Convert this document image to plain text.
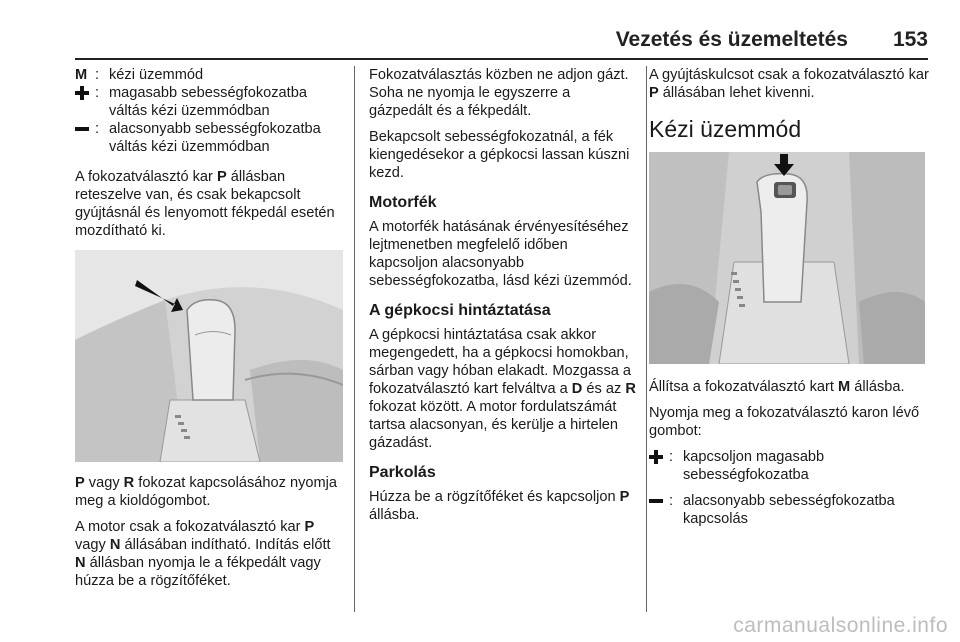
Vezetés és üzemeltetés 153
M : kézi üzemmód
: magasabb sebességfokozatba váltás kézi üzemmódban
: alacsonyabb sebességfokozatba váltás kézi üzemmódban

A fokozatválasztó kar P állásban reteszelve van, és csak bekapcsolt gyújtásnál és lenyomott fékpedál esetén mozdítható ki.

P vagy R fokozat kapcsolásához nyomja meg a kioldógombot.

A motor csak a fokozatválasztó kar P vagy N állásában indítható. Indítás előtt N állásban nyomja le a fékpedált vagy húzza be a rögzítőféket.

Fokozatválasztás közben ne adjon gázt. Soha ne nyomja le egyszerre a gázpedált és a fékpedált.

Bekapcsolt sebességfokozatnál, a fék kiengedésekor a gépkocsi lassan kúszni kezd.

Motorfék

A motorfék hatásának érvényesítéséhez lejtmenetben megfelelő időben kapcsoljon alacsonyabb sebességfokozatba, lásd kézi üzemmód.

A gépkocsi hintáztatása

A gépkocsi hintáztatása csak akkor megengedett, ha a gépkocsi homokban, sárban vagy hóban elakadt. Mozgassa a fokozatválasztó kart felváltva a D és az R fokozat között. A motor fordulatszámát tartsa alacsonyan, és kerülje a hirtelen gázadást.

Parkolás

Húzza be a rögzítőféket és kapcsoljon P állásba.

A gyújtáskulcsot csak a fokozatválasztó kar P állásában lehet kivenni.

Kézi üzemmód

Állítsa a fokozatválasztó kart M állásba.

Nyomja meg a fokozatválasztó karon lévő gombot:

: kapcsoljon magasabb sebességfokozatba
: alacsonyabb sebességfokozatba kapcsolás
carmanualsonline.info
